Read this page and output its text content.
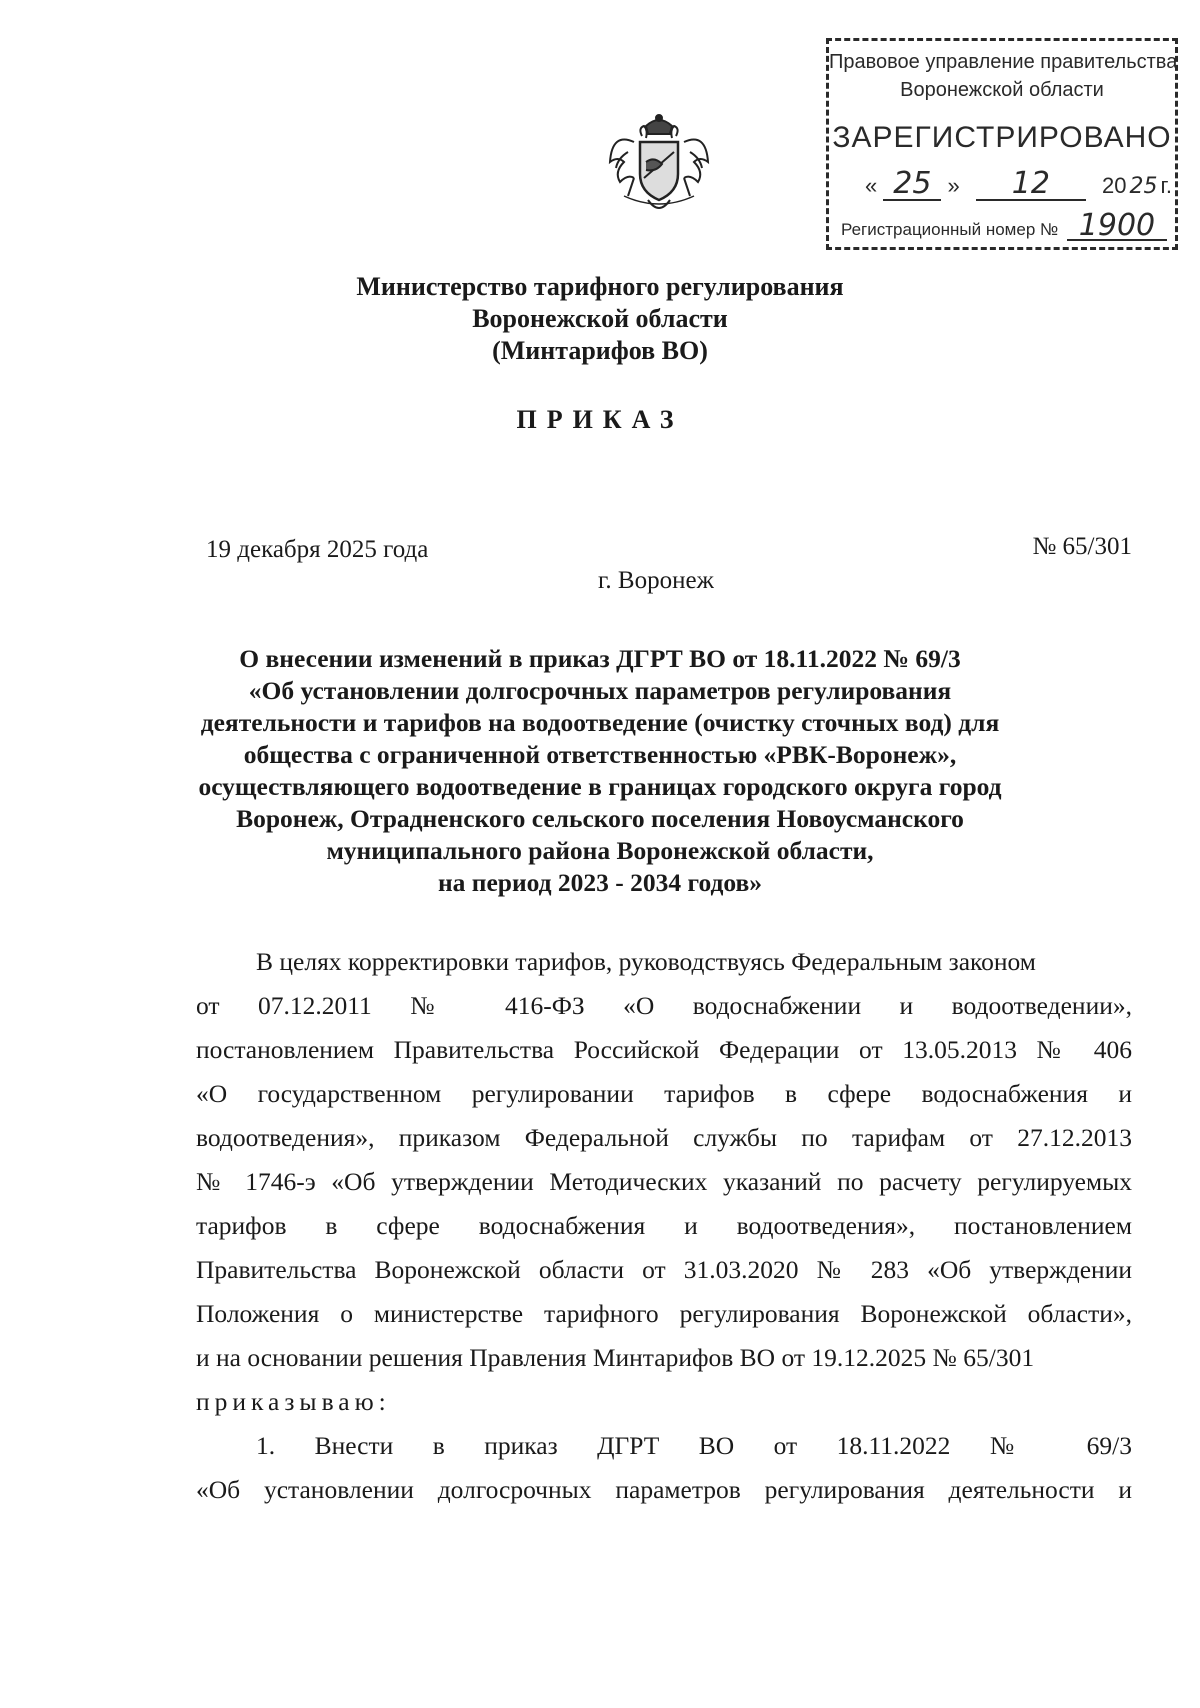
Правовое управление правительства
Воронежской области
ЗАРЕГИСТРИРОВАНО
« 25 » 12 20 25 г.
Регистрационный номер № 1900
Министерство тарифного регулирования
Воронежской области
(Минтарифов ВО)
ПРИКАЗ
19 декабря 2025 года	№ 65/301
г. Воронеж
О внесении изменений в приказ ДГРТ ВО от 18.11.2022 № 69/3
«Об установлении долгосрочных параметров регулирования
деятельности и тарифов на водоотведение (очистку сточных вод) для
общества с ограниченной ответственностью «РВК-Воронеж»,
осуществляющего водоотведение в границах городского округа город
Воронеж, Отрадненского сельского поселения Новоусманского
муниципального района Воронежской области,
на период 2023 - 2034 годов»
В целях корректировки тарифов, руководствуясь Федеральным законом
от 07.12.2011 № 416-ФЗ «О водоснабжении и водоотведении»,
постановлением Правительства Российской Федерации от 13.05.2013 № 406
«О государственном регулировании тарифов в сфере водоснабжения и
водоотведения», приказом Федеральной службы по тарифам от 27.12.2013
№ 1746-э «Об утверждении Методических указаний по расчету регулируемых
тарифов в сфере водоснабжения и водоотведения», постановлением
Правительства Воронежской области от 31.03.2020 № 283 «Об утверждении
Положения о министерстве тарифного регулирования Воронежской области»,
и на основании решения Правления Минтарифов ВО от 19.12.2025 № 65/301
приказываю:
1. Внести в приказ ДГРТ ВО от 18.11.2022 № 69/3
«Об установлении долгосрочных параметров регулирования деятельности и
